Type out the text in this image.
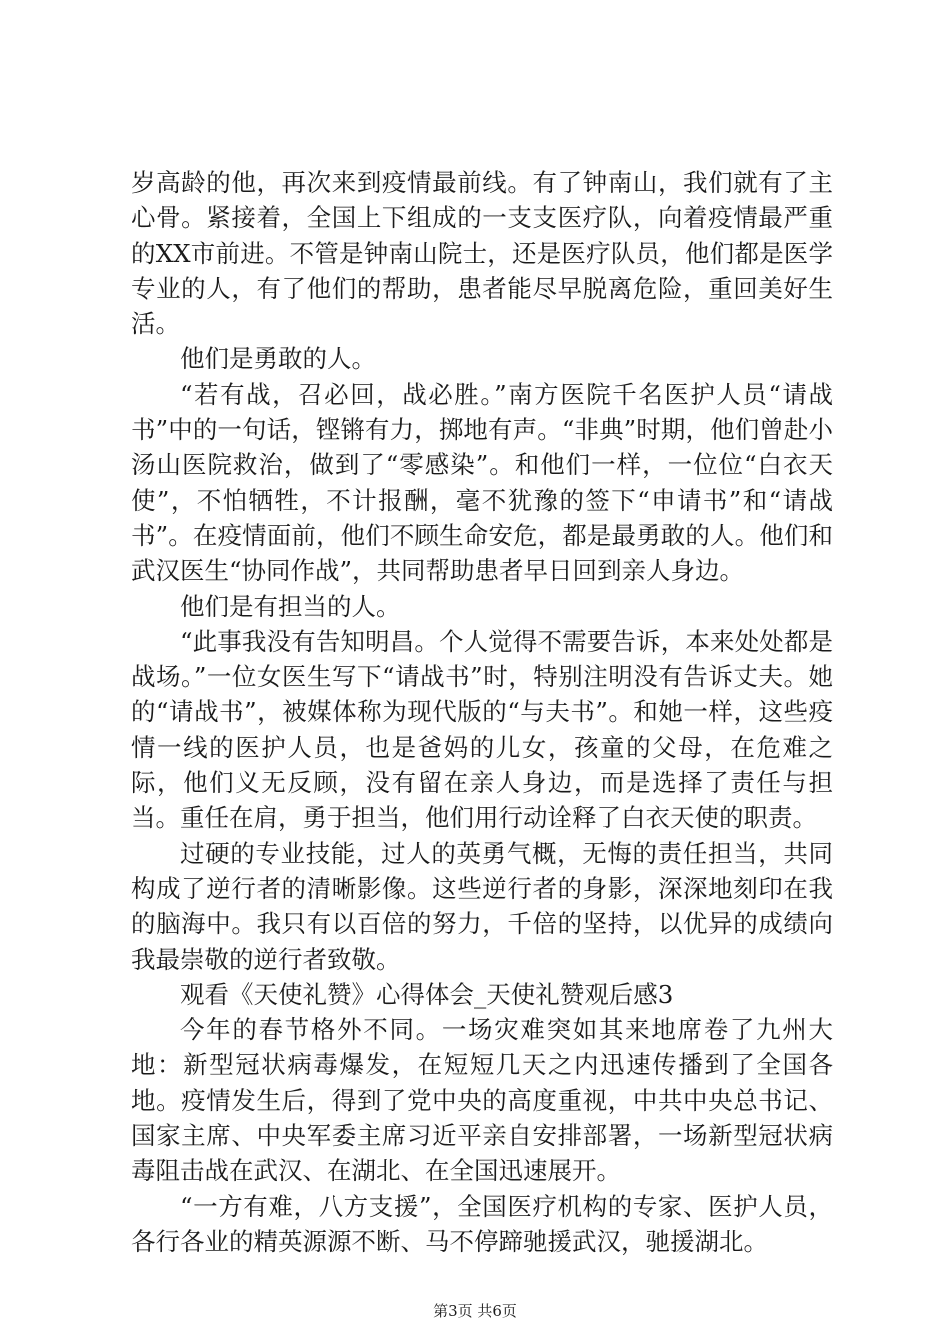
岁高龄的他，再次来到疫情最前线。有了钟南山，我们就有了主心骨。紧接着，全国上下组成的一支支医疗队，向着疫情最严重的XX市前进。不管是钟南山院士，还是医疗队员，他们都是医学专业的人，有了他们的帮助，患者能尽早脱离危险，重回美好生活。

他们是勇敢的人。

“若有战，召必回，战必胜。”南方医院千名医护人员“请战书”中的一句话，铿锵有力，掷地有声。“非典”时期，他们曾赴小汤山医院救治，做到了“零感染”。和他们一样，一位位“白衣天使”，不怕牺牲，不计报酬，毫不犹豫的签下“申请书”和“请战书”。在疫情面前，他们不顾生命安危，都是最勇敢的人。他们和武汉医生“协同作战”，共同帮助患者早日回到亲人身边。

他们是有担当的人。

“此事我没有告知明昌。个人觉得不需要告诉，本来处处都是战场。”一位女医生写下“请战书”时，特别注明没有告诉丈夫。她的“请战书”，被媒体称为现代版的“与夫书”。和她一样，这些疫情一线的医护人员，也是爸妈的儿女，孩童的父母，在危难之际，他们义无反顾，没有留在亲人身边，而是选择了责任与担当。重任在肩，勇于担当，他们用行动诠释了白衣天使的职责。

过硬的专业技能，过人的英勇气概，无悔的责任担当，共同构成了逆行者的清晰影像。这些逆行者的身影，深深地刻印在我的脑海中。我只有以百倍的努力，千倍的坚持，以优异的成绩向我最崇敬的逆行者致敬。

观看《天使礼赞》心得体会_天使礼赞观后感3

今年的春节格外不同。一场灾难突如其来地席卷了九州大地：新型冠状病毒爆发，在短短几天之内迅速传播到了全国各地。疫情发生后，得到了党中央的高度重视，中共中央总书记、国家主席、中央军委主席习近平亲自安排部署，一场新型冠状病毒阻击战在武汉、在湖北、在全国迅速展开。

“一方有难，八方支援”，全国医疗机构的专家、医护人员，各行各业的精英源源不断、马不停蹄驰援武汉，驰援湖北。

第3页 共6页
